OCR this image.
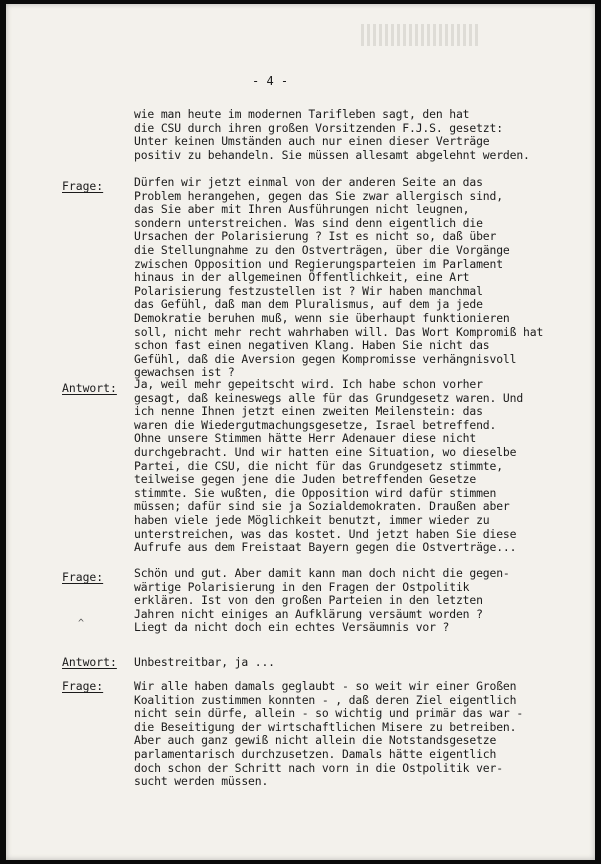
- 4 -
wie man heute im modernen Tarifleben sagt, den hat
die CSU durch ihren großen Vorsitzenden F.J.S. gesetzt:
Unter keinen Umständen auch nur einen dieser Verträge
positiv zu behandeln. Sie müssen allesamt abgelehnt werden.
Frage:	Dürfen wir jetzt einmal von der anderen Seite an das
Problem herangehen, gegen das Sie zwar allergisch sind,
das Sie aber mit Ihren Ausführungen nicht leugnen,
sondern unterstreichen. Was sind denn eigentlich die
Ursachen der Polarisierung ? Ist es nicht so, daß über
die Stellungnahme zu den Ostverträgen, über die Vorgänge
zwischen Opposition und Regierungsparteien im Parlament
hinaus in der allgemeinen Öffentlichkeit, eine Art
Polarisierung festzustellen ist ? Wir haben manchmal
das Gefühl, daß man dem Pluralismus, auf dem ja jede
Demokratie beruhen muß, wenn sie überhaupt funktionieren
soll, nicht mehr recht wahrhaben will. Das Wort Kompromiß hat
schon fast einen negativen Klang. Haben Sie nicht das
Gefühl, daß die Aversion gegen Kompromisse verhängnisvoll
gewachsen ist ?
Antwort: Ja, weil mehr gepeitscht wird. Ich habe schon vorher
gesagt, daß keineswegs alle für das Grundgesetz waren. Und
ich nenne Ihnen jetzt einen zweiten Meilenstein: das
waren die Wiedergutmachungsgesetze, Israel betreffend.
Ohne unsere Stimmen hätte Herr Adenauer diese nicht
durchgebracht. Und wir hatten eine Situation, wo dieselbe
Partei, die CSU, die nicht für das Grundgesetz stimmte,
teilweise gegen jene die Juden betreffenden Gesetze
stimmte. Sie wußten, die Opposition wird dafür stimmen
müssen; dafür sind sie ja Sozialdemokraten. Draußen aber
haben viele jede Möglichkeit benutzt, immer wieder zu
unterstreichen, was das kostet. Und jetzt haben Sie diese
Aufrufe aus dem Freistaat Bayern gegen die Ostverträge...
Frage:
^
Schön und gut. Aber damit kann man doch nicht die gegen-
wärtige Polarisierung in den Fragen der Ostpolitik
erklären. Ist von den großen Parteien in den letzten
Jahren nicht einiges an Aufklärung versäumt worden ?
Liegt da nicht doch ein echtes Versäumnis vor ?
Antwort: Unbestreitbar, ja ...
Frage:	Wir alle haben damals geglaubt - so weit wir einer Großen
Koalition zustimmen konnten - , daß deren Ziel eigentlich
nicht sein dürfe, allein - so wichtig und primär das war -
die Beseitigung der wirtschaftlichen Misere zu betreiben.
Aber auch ganz gewiß nicht allein die Notstandsgesetze
parlamentarisch durchzusetzen. Damals hätte eigentlich
doch schon der Schritt nach vorn in die Ostpolitik ver-
sucht werden müssen.
